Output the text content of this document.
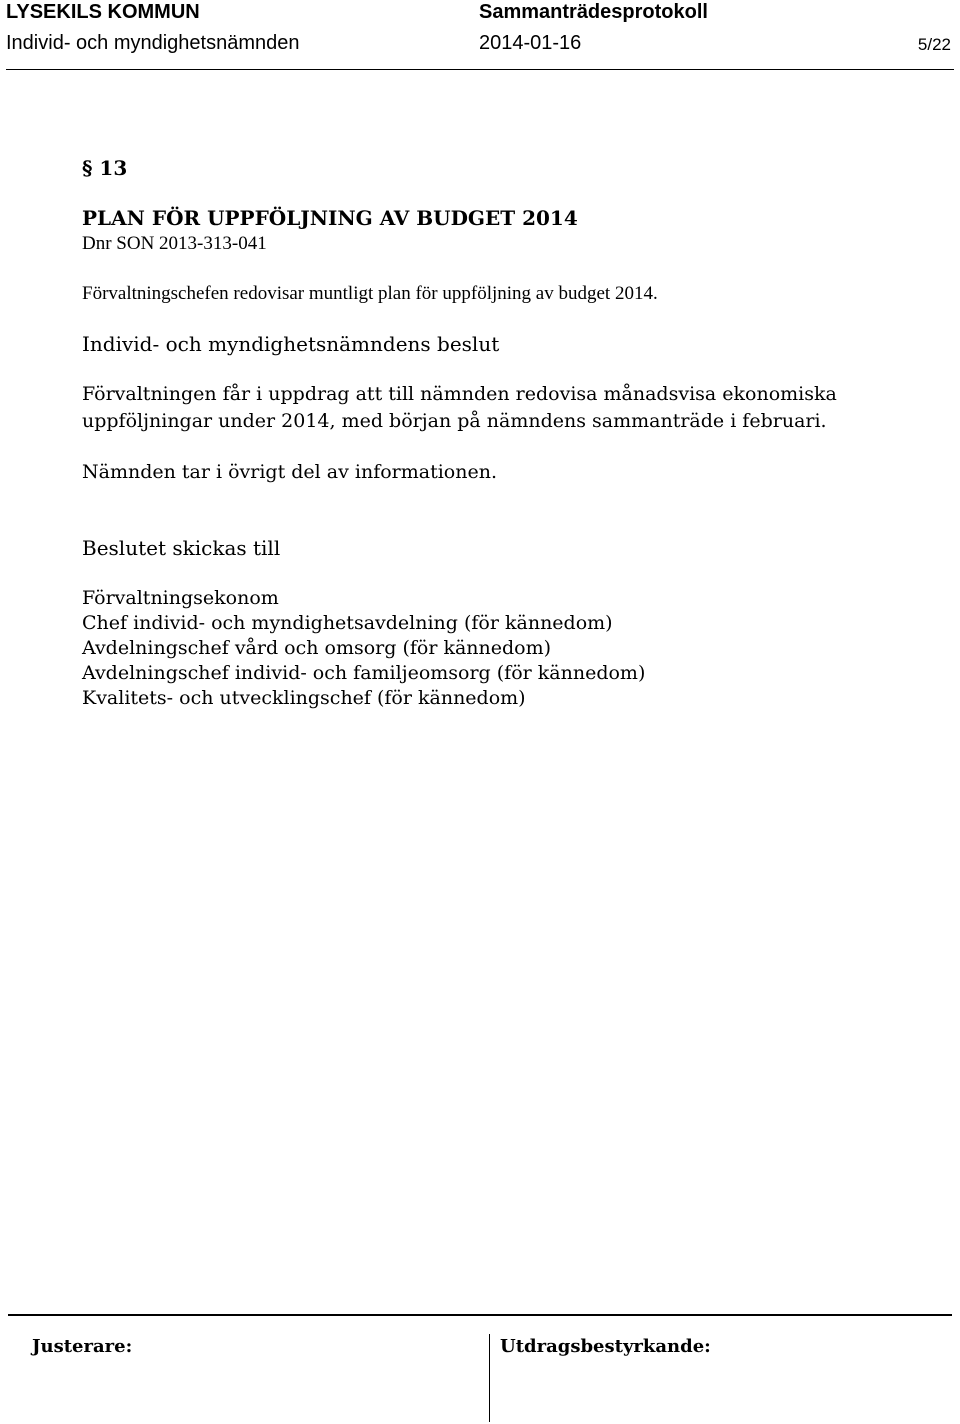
LYSEKILS KOMMUN	Sammanträdesprotokoll
Individ- och myndighetsnämnden	2014-01-16	5/22
§ 13
PLAN FÖR UPPFÖLJNING AV BUDGET 2014
Dnr SON 2013-313-041
Förvaltningschefen redovisar muntligt plan för uppföljning av budget 2014.
Individ- och myndighetsnämndens beslut
Förvaltningen får i uppdrag att till nämnden redovisa månadsvisa ekonomiska
uppföljningar under 2014, med början på nämndens sammanträde i februari.
Nämnden tar i övrigt del av informationen.
Beslutet skickas till
Förvaltningsekonom
Chef individ- och myndighetsavdelning (för kännedom)
Avdelningschef vård och omsorg (för kännedom)
Avdelningschef individ- och familjeomsorg (för kännedom)
Kvalitets- och utvecklingschef (för kännedom)
Justerare:	Utdragsbestyrkande:
